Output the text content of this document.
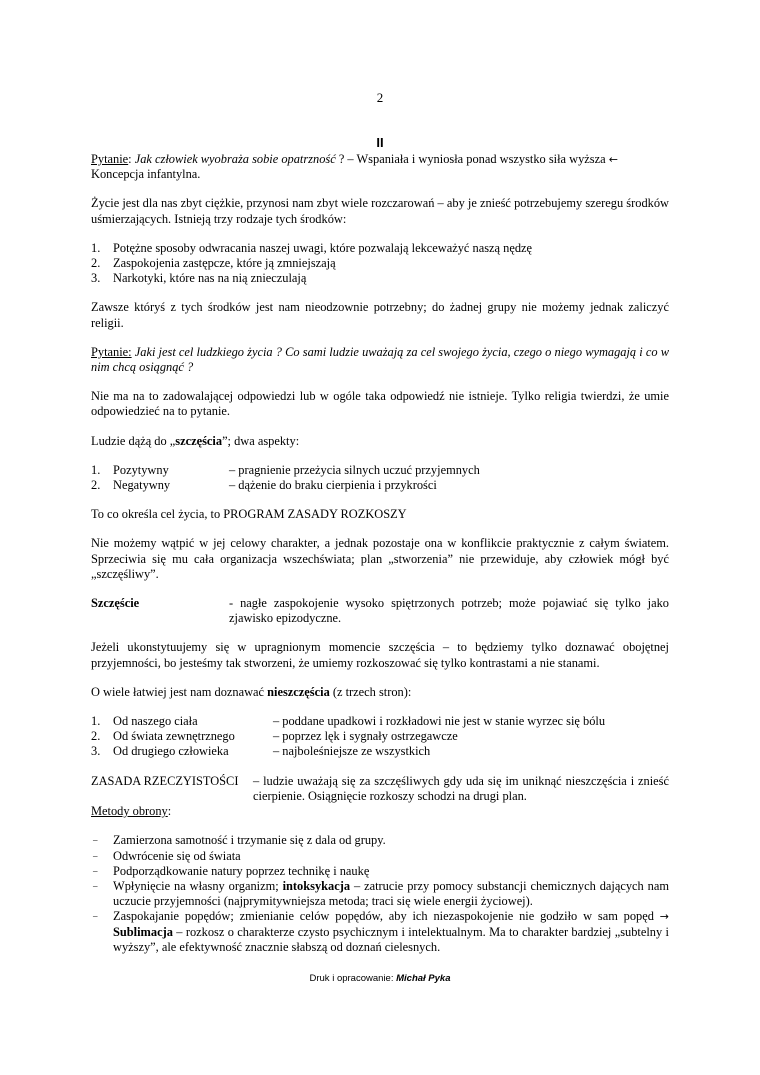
2
II

Pytanie: Jak człowiek wyobraża sobie opatrzność ? – Wspaniała i wyniosła ponad wszystko siła wyższa ←
Koncepcja infantylna.

Życie jest dla nas zbyt ciężkie, przynosi nam zbyt wiele rozczarowań – aby je znieść potrzebujemy szeregu środków uśmierzających. Istnieją trzy rodzaje tych środków:

1.	Potężne sposoby odwracania naszej uwagi, które pozwalają lekceważyć naszą nędzę
2.	Zaspokojenia zastępcze, które ją zmniejszają
3.	Narkotyki, które nas na nią znieczulają

Zawsze któryś z tych środków jest nam nieodzownie potrzebny; do żadnej grupy nie możemy jednak zaliczyć religii.

Pytanie: Jaki jest cel ludzkiego życia ? Co sami ludzie uważają za cel swojego życia, czego o niego wymagają i co w nim chcą osiągnąć ?

Nie ma na to zadowalającej odpowiedzi lub w ogóle taka odpowiedź nie istnieje. Tylko religia twierdzi, że umie odpowiedzieć na to pytanie.

Ludzie dążą do „szczęścia”; dwa aspekty:

1.	Pozytywny	– pragnienie przeżycia silnych uczuć przyjemnych
2.	Negatywny	– dążenie do braku cierpienia i przykrości

To co określa cel życia, to PROGRAM ZASADY ROZKOSZY

Nie możemy wątpić w jej celowy charakter, a jednak pozostaje ona w konflikcie praktycznie z całym światem. Sprzeciwia się mu cała organizacja wszechświata; plan „stworzenia” nie przewiduje, aby człowiek mógł być „szczęśliwy”.

Szczęście	- nagłe zaspokojenie wysoko spiętrzonych potrzeb; może pojawiać się tylko jako zjawisko epizodyczne.

Jeżeli ukonstytuujemy się w upragnionym momencie szczęścia – to będziemy tylko doznawać obojętnej przyjemności, bo jesteśmy tak stworzeni, że umiemy rozkoszować się tylko kontrastami a nie stanami.

O wiele łatwiej jest nam doznawać nieszczęścia (z trzech stron):

1.	Od naszego ciała	– poddane upadkowi i rozkładowi nie jest w stanie wyrzec się bólu
2.	Od świata zewnętrznego	– poprzez lęk i sygnały ostrzegawcze
3.	Od drugiego człowieka	– najboleśniejsze ze wszystkich
ZASADA RZECZYISTOŚCI	– ludzie uważają się za szczęśliwych gdy uda się im uniknąć nieszczęścia i znieść cierpienie. Osiągnięcie rozkoszy schodzi na drugi plan.

Metody obrony:

–	Zamierzona samotność i trzymanie się z dala od grupy.
–	Odwrócenie się od świata
–	Podporządkowanie natury poprzez technikę i naukę
–	Wpłynięcie na własny organizm; intoksykacja – zatrucie przy pomocy substancji chemicznych dających nam uczucie przyjemności (najprymitywniejsza metoda; traci się wiele energii życiowej).
–	Zaspokajanie popędów; zmienianie celów popędów, aby ich niezaspokojenie nie godziło w sam popęd → Sublimacja – rozkosz o charakterze czysto psychicznym i intelektualnym. Ma to charakter bardziej „subtelny i wyższy”, ale efektywność znacznie słabszą od doznań cielesnych.
Druk i opracowanie: Michał Pyka
